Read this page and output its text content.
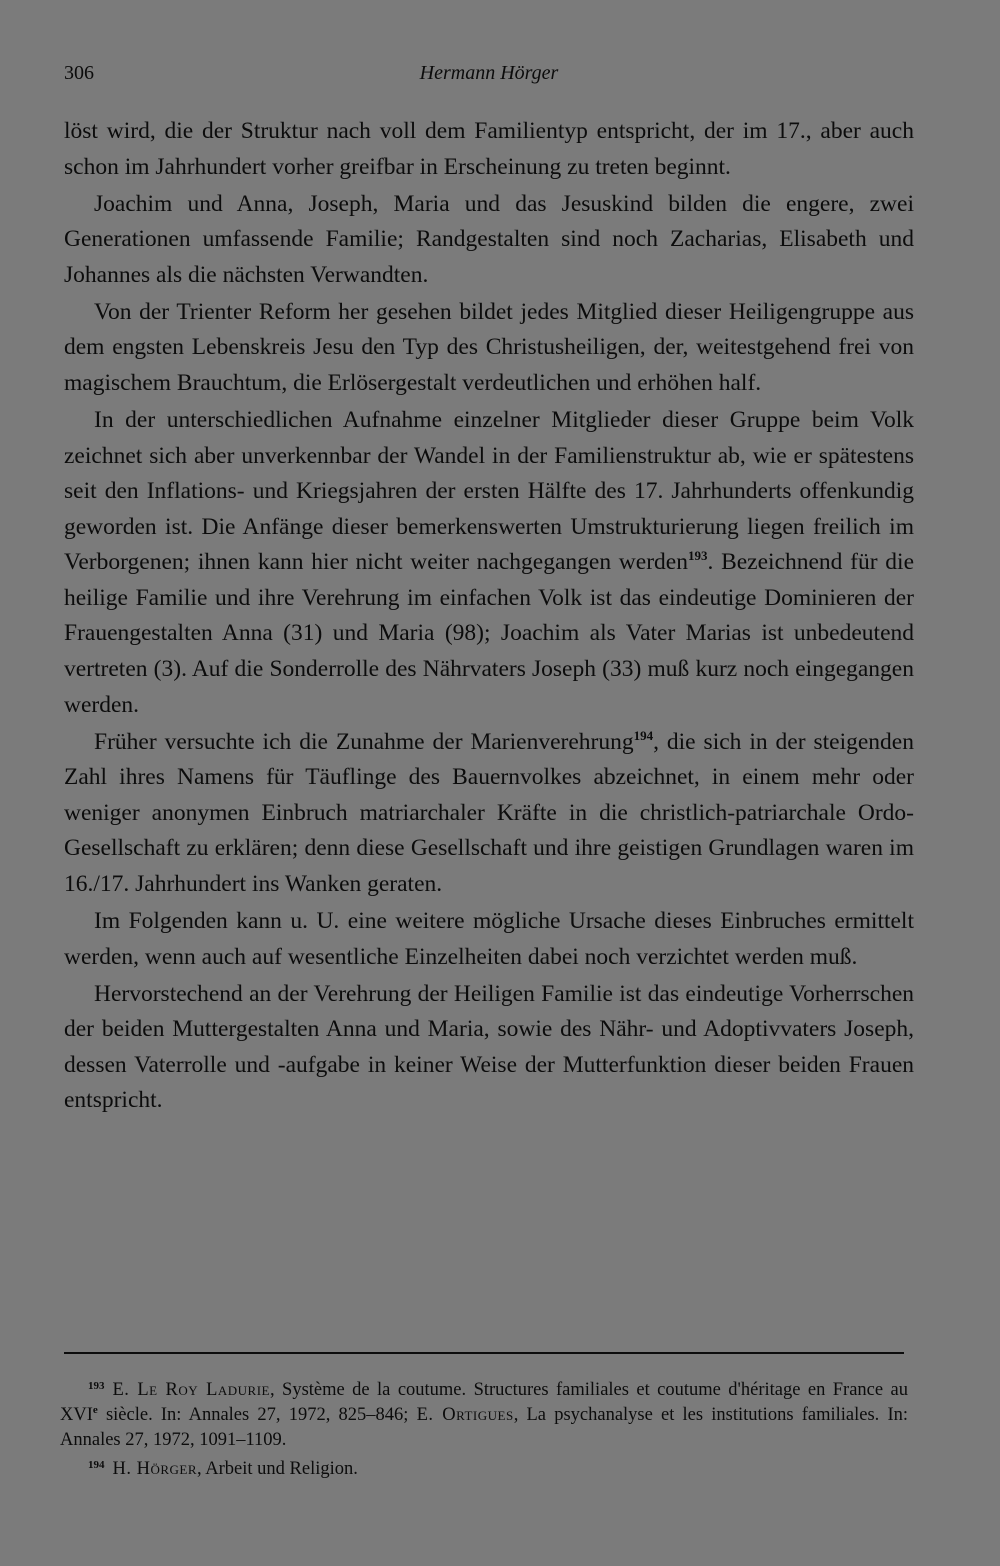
306	Hermann Hörger

löst wird, die der Struktur nach voll dem Familientyp entspricht, der im 17., aber auch schon im Jahrhundert vorher greifbar in Erscheinung zu treten beginnt.

Joachim und Anna, Joseph, Maria und das Jesuskind bilden die engere, zwei Generationen umfassende Familie; Randgestalten sind noch Zacharias, Elisabeth und Johannes als die nächsten Verwandten.

Von der Trienter Reform her gesehen bildet jedes Mitglied dieser Heiligengruppe aus dem engsten Lebenskreis Jesu den Typ des Christusheiligen, der, weitestgehend frei von magischem Brauchtum, die Erlösergestalt verdeutlichen und erhöhen half.

In der unterschiedlichen Aufnahme einzelner Mitglieder dieser Gruppe beim Volk zeichnet sich aber unverkennbar der Wandel in der Familienstruktur ab, wie er spätestens seit den Inflations- und Kriegsjahren der ersten Hälfte des 17. Jahrhunderts offenkundig geworden ist. Die Anfänge dieser bemerkenswerten Umstrukturierung liegen freilich im Verborgenen; ihnen kann hier nicht weiter nachgegangen werden$^{193}$. Bezeichnend für die heilige Familie und ihre Verehrung im einfachen Volk ist das eindeutige Dominieren der Frauengestalten Anna (31) und Maria (98); Joachim als Vater Marias ist unbedeutend vertreten (3). Auf die Sonderrolle des Nährvaters Joseph (33) muß kurz noch eingegangen werden.

Früher versuchte ich die Zunahme der Marienverehrung$^{194}$, die sich in der steigenden Zahl ihres Namens für Täuflinge des Bauernvolkes abzeichnet, in einem mehr oder weniger anonymen Einbruch matriarchaler Kräfte in die christlich-patriarchale Ordo-Gesellschaft zu erklären; denn diese Gesellschaft und ihre geistigen Grundlagen waren im 16./17. Jahrhundert ins Wanken geraten.

Im Folgenden kann u. U. eine weitere mögliche Ursache dieses Einbruches ermittelt werden, wenn auch auf wesentliche Einzelheiten dabei noch verzichtet werden muß.

Hervorstechend an der Verehrung der Heiligen Familie ist das eindeutige Vorherrschen der beiden Muttergestalten Anna und Maria, sowie des Nähr- und Adoptivvaters Joseph, dessen Vaterrolle und -aufgabe in keiner Weise der Mutterfunktion dieser beiden Frauen entspricht.

$^{193}$ E. Le Roy Ladurie, Système de la coutume. Structures familiales et coutume d'héritage en France au XVIe siècle. In: Annales 27, 1972, 825–846; E. Ortigues, La psychanalyse et les institutions familiales. In: Annales 27, 1972, 1091–1109.

$^{194}$ H. Hörger, Arbeit und Religion.
